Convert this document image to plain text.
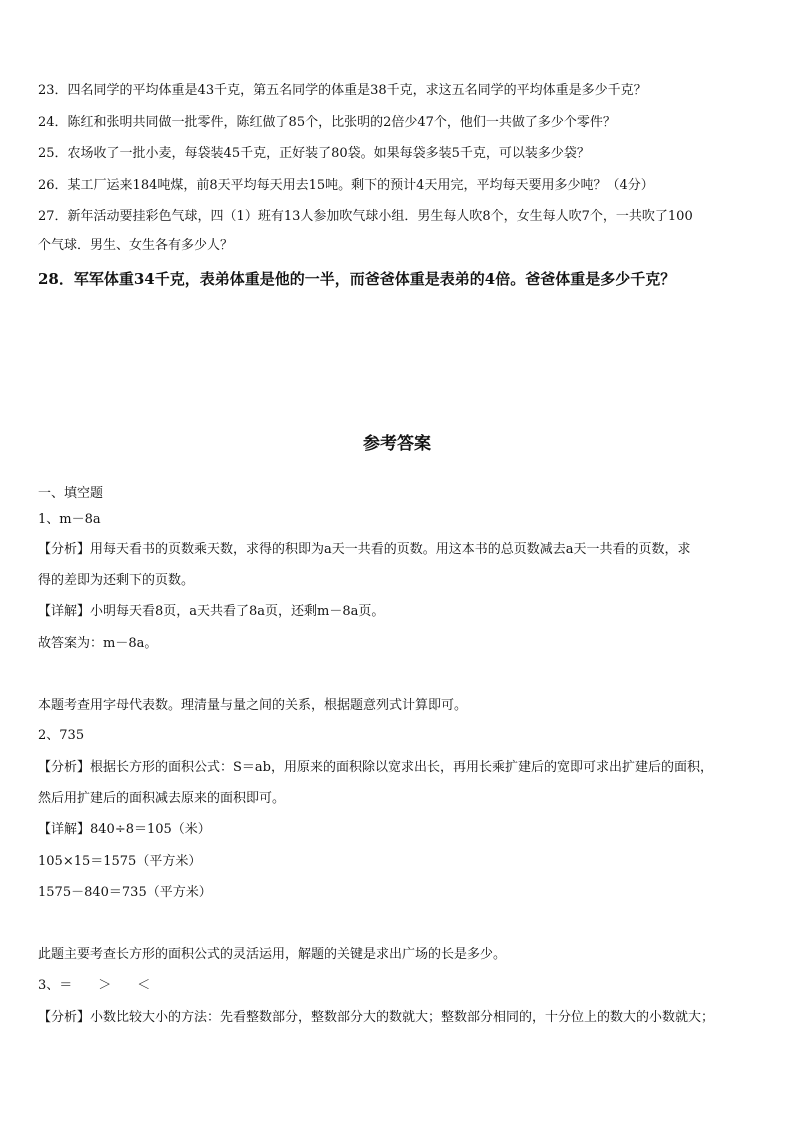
23．四名同学的平均体重是43千克，第五名同学的体重是38千克，求这五名同学的平均体重是多少千克？
24．陈红和张明共同做一批零件，陈红做了85个，比张明的2倍少47个，他们一共做了多少个零件？
25．农场收了一批小麦，每袋装45千克，正好装了80袋。如果每袋多装5千克，可以装多少袋？
26．某工厂运来184吨煤，前8天平均每天用去15吨。剩下的预计4天用完，平均每天要用多少吨？（4分）
27．新年活动要挂彩色气球，四（1）班有13人参加吹气球小组．男生每人吹8个，女生每人吹7个，一共吹了100
个气球．男生、女生各有多少人？
28．军军体重34千克，表弟体重是他的一半，而爸爸体重是表弟的4倍。爸爸体重是多少千克？
参考答案
一、填空题
1、m－8a
【分析】用每天看书的页数乘天数，求得的积即为a天一共看的页数。用这本书的总页数减去a天一共看的页数，求
得的差即为还剩下的页数。
【详解】小明每天看8页，a天共看了8a页，还剩m－8a页。
故答案为：m－8a。
本题考查用字母代表数。理清量与量之间的关系，根据题意列式计算即可。
2、735
【分析】根据长方形的面积公式：S＝ab，用原来的面积除以宽求出长，再用长乘扩建后的宽即可求出扩建后的面积，
然后用扩建后的面积减去原来的面积即可。
【详解】840÷8＝105（米）
105×15＝1575（平方米）
1575－840＝735（平方米）
此题主要考查长方形的面积公式的灵活运用，解题的关键是求出广场的长是多少。
3、＝　　＞　　＜
【分析】小数比较大小的方法：先看整数部分，整数部分大的数就大；整数部分相同的，十分位上的数大的小数就大；
